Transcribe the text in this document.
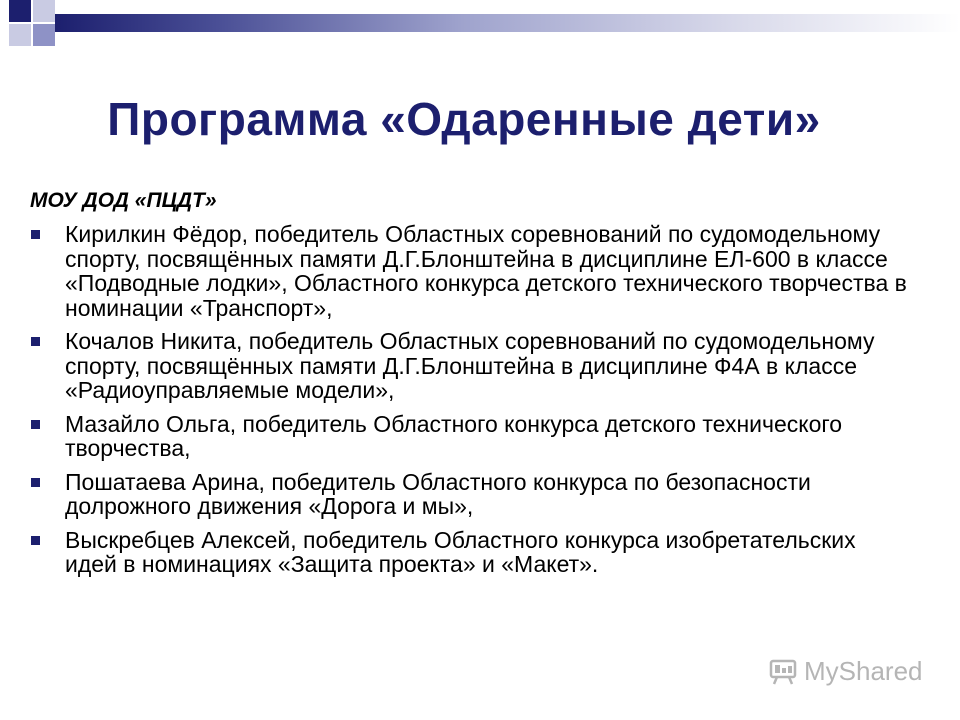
Программа «Одаренные дети»
МОУ ДОД «ПЦДТ»
Кирилкин Фёдор, победитель Областных соревнований по судомодельному спорту, посвящённых памяти Д.Г.Блонштейна в дисциплине ЕЛ-600 в классе «Подводные лодки», Областного конкурса детского технического творчества в номинации «Транспорт»,
Кочалов Никита, победитель Областных соревнований по судомодельному спорту, посвящённых памяти Д.Г.Блонштейна в дисциплине Ф4А в классе «Радиоуправляемые модели»,
Мазайло Ольга, победитель Областного конкурса детского технического творчества,
Пошатаева Арина, победитель Областного конкурса по безопасности долрожного движения «Дорога и мы»,
Выскребцев Алексей, победитель Областного конкурса изобретательских идей в номинациях «Защита проекта» и «Макет».
MyShared
